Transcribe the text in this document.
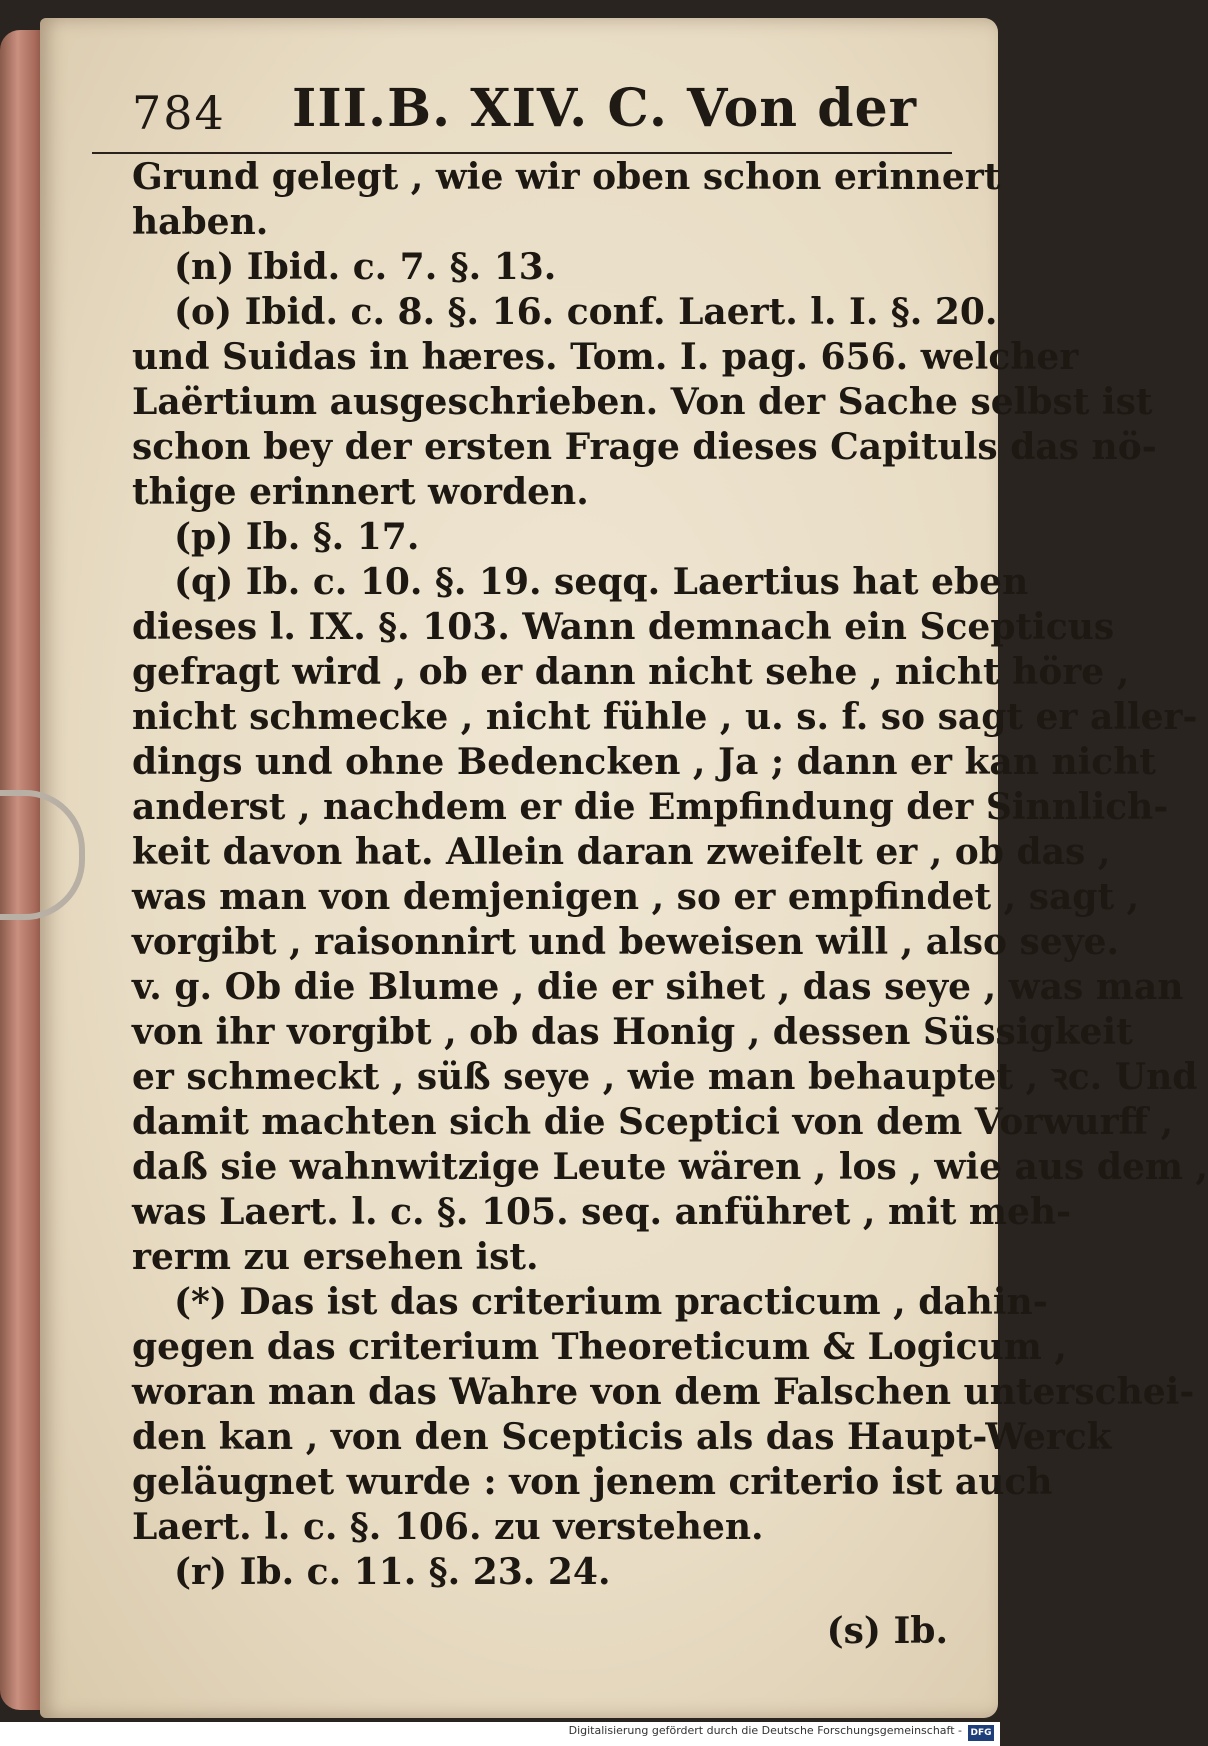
784 III.B. XIV. C. Von der
Grund gelegt , wie wir oben schon erinnert
haben.
(n) Ibid. c. 7. §. 13.
(o) Ibid. c. 8. §. 16. conf. Laert. l. I. §. 20.
und Suidas in hæres. Tom. I. pag. 656. welcher
Laërtium ausgeschrieben. Von der Sache selbst ist
schon bey der ersten Frage dieses Capituls das nö-
thige erinnert worden.
(p) Ib. §. 17.
(q) Ib. c. 10. §. 19. seqq. Laertius hat eben
dieses l. IX. §. 103. Wann demnach ein Scepticus
gefragt wird , ob er dann nicht sehe , nicht höre ,
nicht schmecke , nicht fühle , u. s. f. so sagt er aller-
dings und ohne Bedencken , Ja ; dann er kan nicht
anderst , nachdem er die Empfindung der Sinnlich-
keit davon hat. Allein daran zweifelt er , ob das ,
was man von demjenigen , so er empfindet , sagt ,
vorgibt , raisonnirt und beweisen will , also seye.
v. g. Ob die Blume , die er sihet , das seye , was man
von ihr vorgibt , ob das Honig , dessen Süssigkeit
er schmeckt , süß seye , wie man behauptet , ꝛc. Und
damit machten sich die Sceptici von dem Vorwurff ,
daß sie wahnwitzige Leute wären , los , wie aus dem ,
was Laert. l. c. §. 105. seq. anführet , mit meh-
rerm zu ersehen ist.
(*) Das ist das criterium practicum , dahin-
gegen das criterium Theoreticum & Logicum ,
woran man das Wahre von dem Falschen unterschei-
den kan , von den Scepticis als das Haupt-Werck
geläugnet wurde : von jenem criterio ist auch
Laert. l. c. §. 106. zu verstehen.
(r) Ib. c. 11. §. 23. 24.
(s) Ib.
Digitalisierung gefördert durch die Deutsche Forschungsgemeinschaft - DFG
